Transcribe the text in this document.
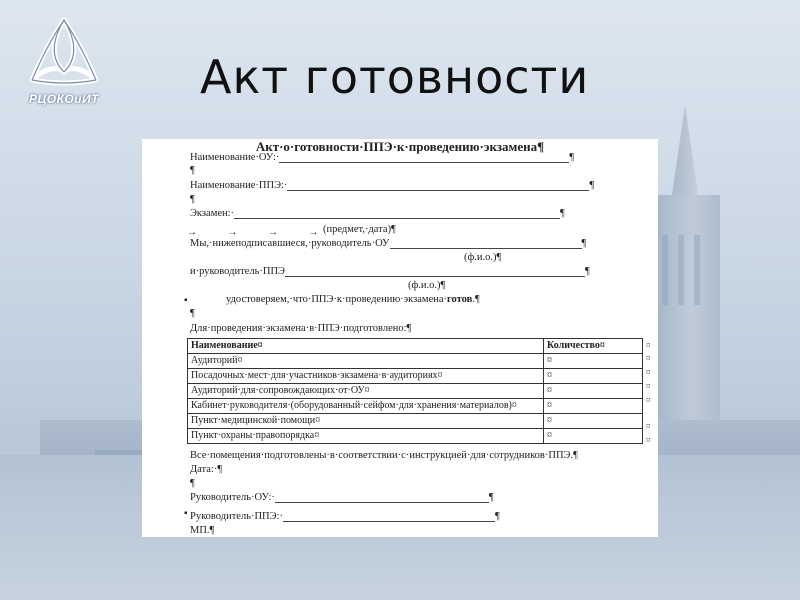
РЦОКОиИТ Акт готовности
Акт·о·готовности·ППЭ·к·проведению·экзамена¶
Наименование·ОУ:·	¶
¶
Наименование·ППЭ:·	¶
¶
Экзамен:·	¶
→ → → →
(предмет,·дата)¶
Мы,·нижеподписавшиеся,·руководитель·ОУ	¶
(ф.и.о.)¶
и·руководитель·ППЭ	¶
(ф.и.о.)¶
▪	удостоверяем,·что·ППЭ·к·проведению·экзамена·готов.¶
¶
Для·проведения·экзамена·в·ППЭ·подготовлено:¶
Наименование¤	Количество¤
Аудиторий¤	¤
Посадочных·мест·для·участников·экзамена·в·аудиториях¤	¤
Аудиторий·для·сопровождающих·от·ОУ¤	¤
Кабинет·руководителя·(оборудованный·сейфом·для·хранения·материалов)¤	¤
Пункт·медицинской·помощи¤	¤
Пункт·охраны·правопорядка¤	¤
¤
¤
¤
¤
¤
¤
¤
Все·помещения·подготовлены·в·соответствии·с·инструкцией·для·сотрудников·ППЭ.¶
Дата:·¶
¶
Руководитель·ОУ:·	¶
▪ Руководитель·ППЭ:·	¶
МП.¶
